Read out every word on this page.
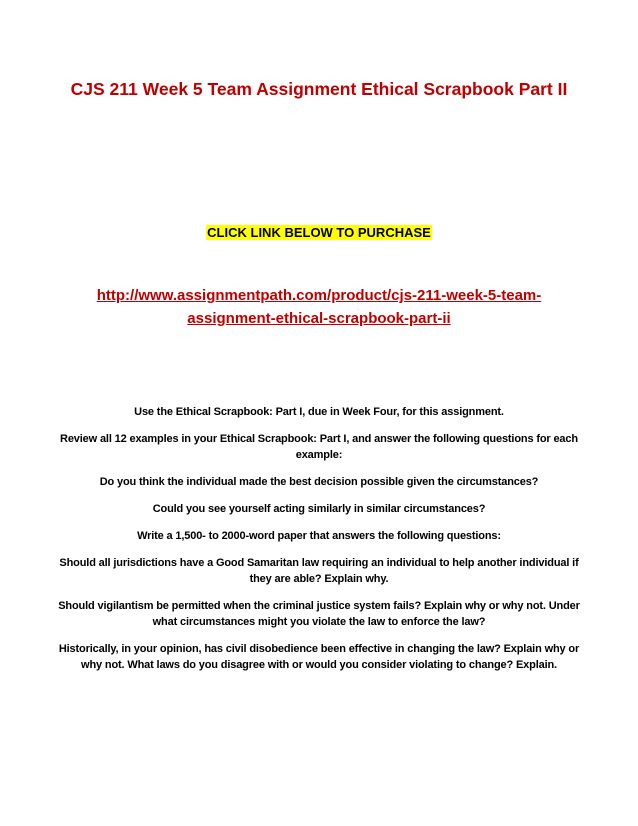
CJS 211 Week 5 Team Assignment Ethical Scrapbook Part II
CLICK LINK BELOW TO PURCHASE
http://www.assignmentpath.com/product/cjs-211-week-5-team-assignment-ethical-scrapbook-part-ii

Use the Ethical Scrapbook: Part I, due in Week Four, for this assignment.

Review all 12 examples in your Ethical Scrapbook: Part I, and answer the following questions for each example:

Do you think the individual made the best decision possible given the circumstances?

Could you see yourself acting similarly in similar circumstances?

Write a 1,500- to 2000-word paper that answers the following questions:

Should all jurisdictions have a Good Samaritan law requiring an individual to help another individual if they are able? Explain why.

Should vigilantism be permitted when the criminal justice system fails? Explain why or why not. Under what circumstances might you violate the law to enforce the law?

Historically, in your opinion, has civil disobedience been effective in changing the law? Explain why or why not. What laws do you disagree with or would you consider violating to change? Explain.
